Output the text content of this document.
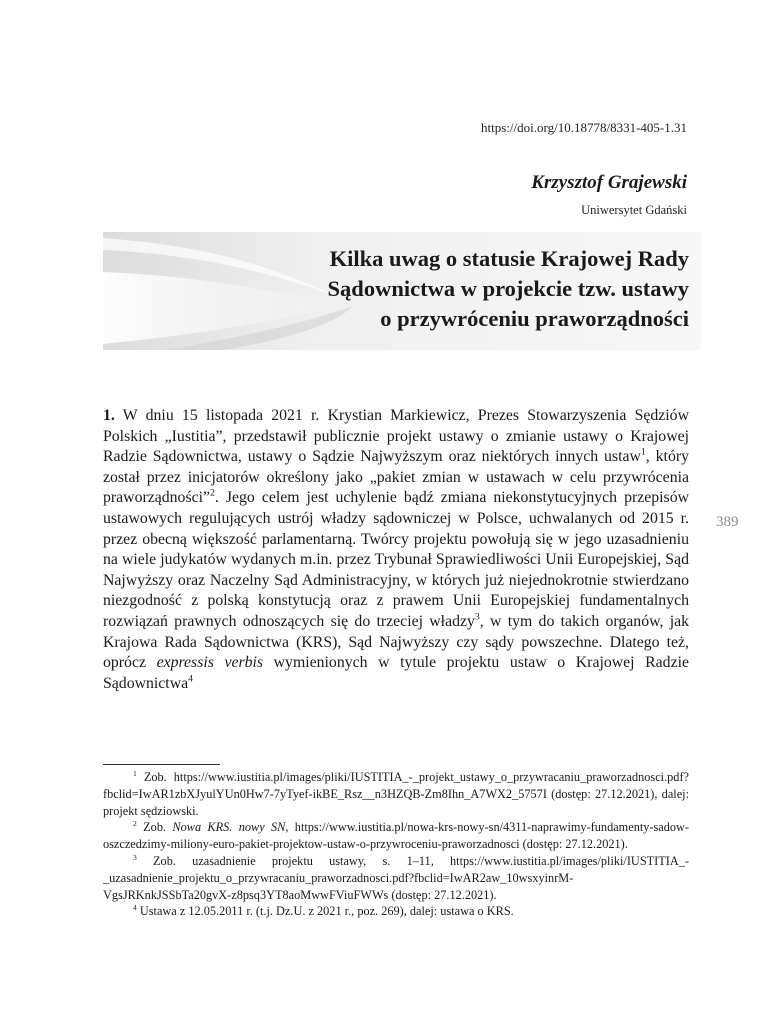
https://doi.org/10.18778/8331-405-1.31
Krzysztof Grajewski
Uniwersytet Gdański
Kilka uwag o statusie Krajowej Rady
Sądownictwa w projekcie tzw. ustawy
o przywróceniu praworządności
389
1. W dniu 15 listopada 2021 r. Krystian Markiewicz, Prezes Stowarzyszenia Sędziów Polskich „Iustitia”, przedstawił publicznie projekt ustawy o zmianie ustawy o Krajowej Radzie Sądownictwa, ustawy o Sądzie Najwyższym oraz niektórych innych ustaw$^1$, który został przez inicjatorów określony jako „pakiet zmian w ustawach w celu przywrócenia praworządności”$^2$. Jego celem jest uchylenie bądź zmiana niekonstytucyjnych przepisów ustawowych regulujących ustrój władzy sądowniczej w Polsce, uchwalanych od 2015 r. przez obecną większość parlamentarną. Twórcy projektu powołują się w jego uzasadnieniu na wiele judykatów wydanych m.in. przez Trybunał Sprawiedliwości Unii Europejskiej, Sąd Najwyższy oraz Naczelny Sąd Administracyjny, w których już niejednokrotnie stwierdzano niezgodność z polską konstytucją oraz z prawem Unii Europejskiej fundamentalnych rozwiązań prawnych odnoszących się do trzeciej władzy$^3$, w tym do takich organów, jak Krajowa Rada Sądownictwa (KRS), Sąd Najwyższy czy sądy powszechne. Dlatego też, oprócz expressis verbis wymienionych w tytule projektu ustaw o Krajowej Radzie Sądownictwa$^4$

$^1$ Zob. https://www.iustitia.pl/images/pliki/IUSTITIA_-_projekt_ustawy_o_przywracaniu_praworzadnosci.pdf?fbclid=IwAR1zbXJyulYUn0Hw7-7yTyef-ikBE_Rsz__n3HZQB-Zm8Ihn_A7WX2_5757I (dostęp: 27.12.2021), dalej: projekt sędziowski.

$^2$ Zob. Nowa KRS. nowy SN, https://www.iustitia.pl/nowa-krs-nowy-sn/4311-naprawimy-fundamenty-sadow-oszczedzimy-miliony-euro-pakiet-projektow-ustaw-o-przywroceniu-praworzadnosci (dostęp: 27.12.2021).

$^3$ Zob. uzasadnienie projektu ustawy, s. 1–11, https://www.iustitia.pl/images/pliki/IUSTITIA_-_uzasadnienie_projektu_o_przywracaniu_praworzadnosci.pdf?fbclid=IwAR2aw_10wsxyinrM-VgsJRKnkJSSbTa20gvX-z8psq3YT8aoMwwFViuFWWs (dostęp: 27.12.2021).

$^4$ Ustawa z 12.05.2011 r. (t.j. Dz.U. z 2021 r., poz. 269), dalej: ustawa o KRS.
